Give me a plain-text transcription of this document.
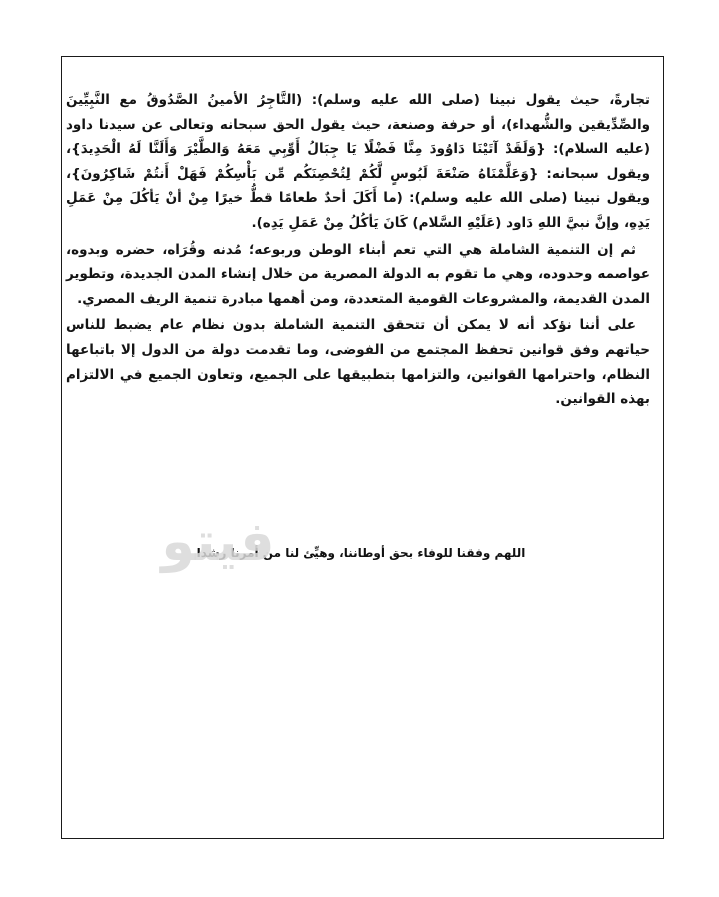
تجارةً، حيث يقول نبينا (صلى الله عليه وسلم): (التَّاجِرُ الأمينُ الصَّدُوقُ مع النَّبِيِّينَ والصِّدِّيقين والشُّهداء)، أو حرفة وصنعة، حيث يقول الحق سبحانه وتعالى عن سيدنا داود (عليه السلام): {وَلَقَدْ آتَيْنَا دَاوُودَ مِنَّا فَضْلًا يَا جِبَالُ أَوِّبِي مَعَهُ وَالطَّيْرَ وَأَلَنَّا لَهُ الْحَدِيدَ}، ويقول سبحانه: {وَعَلَّمْنَاهُ صَنْعَةَ لَبُوسٍ لَّكُمْ لِتُحْصِنَكُم مِّن بَأْسِكُمْ فَهَلْ أَنتُمْ شَاكِرُونَ}، ويقول نبينا (صلى الله عليه وسلم): (ما أَكَلَ أحدٌ طعامًا قطُّ خيرًا مِنْ أنْ يَأكُلَ مِنْ عَمَلِ يَدِهِ، وإنَّ نبيَّ اللهِ دَاود (عَلَيْهِ السَّلام) كَانَ يَأكُلُ مِنْ عَمَلِ يَدِه).

ثم إن التنمية الشاملة هي التي تعم أبناء الوطن وربوعه؛ مُدنه وقُرَاه، حضره وبدوه، عواصمه وحدوده، وهي ما تقوم به الدولة المصرية من خلال إنشاء المدن الجديدة، وتطوير المدن القديمة، والمشروعات القومية المتعددة، ومن أهمها مبادرة تنمية الريف المصري.

على أننا نؤكد أنه لا يمكن أن تتحقق التنمية الشاملة بدون نظام عام يضبط للناس حياتهم وفق قوانين تحفظ المجتمع من الفوضى، وما تقدمت دولة من الدول إلا باتباعها النظام، واحترامها القوانين، والتزامها بتطبيقها على الجميع، وتعاون الجميع في الالتزام بهذه القوانين.

اللهم وفقنا للوفاء بحق أوطاننا، وهيِّئ لنا من أمرنا رشدا
فيتو
